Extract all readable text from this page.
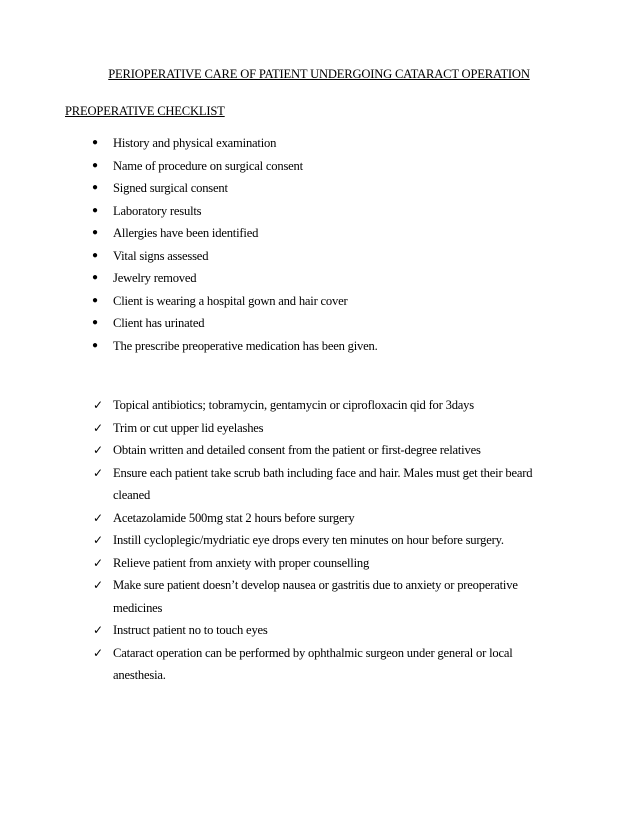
PERIOPERATIVE CARE OF PATIENT UNDERGOING CATARACT OPERATION
PREOPERATIVE CHECKLIST
● History and physical examination
● Name of procedure on surgical consent
● Signed surgical consent
● Laboratory results
● Allergies have been identified
● Vital signs assessed
● Jewelry removed
● Client is wearing a hospital gown and hair cover
● Client has urinated
● The prescribe preoperative medication has been given.
✓ Topical antibiotics; tobramycin, gentamycin or ciprofloxacin qid for 3days
✓ Trim or cut upper lid eyelashes
✓ Obtain written and detailed consent from the patient or first-degree relatives
✓ Ensure each patient take scrub bath including face and hair. Males must get their beard cleaned
✓ Acetazolamide 500mg stat 2 hours before surgery
✓ Instill cycloplegic/mydriatic eye drops every ten minutes on hour before surgery.
✓ Relieve patient from anxiety with proper counselling
✓ Make sure patient doesn’t develop nausea or gastritis due to anxiety or preoperative medicines
✓ Instruct patient no to touch eyes
✓ Cataract operation can be performed by ophthalmic surgeon under general or local anesthesia.
